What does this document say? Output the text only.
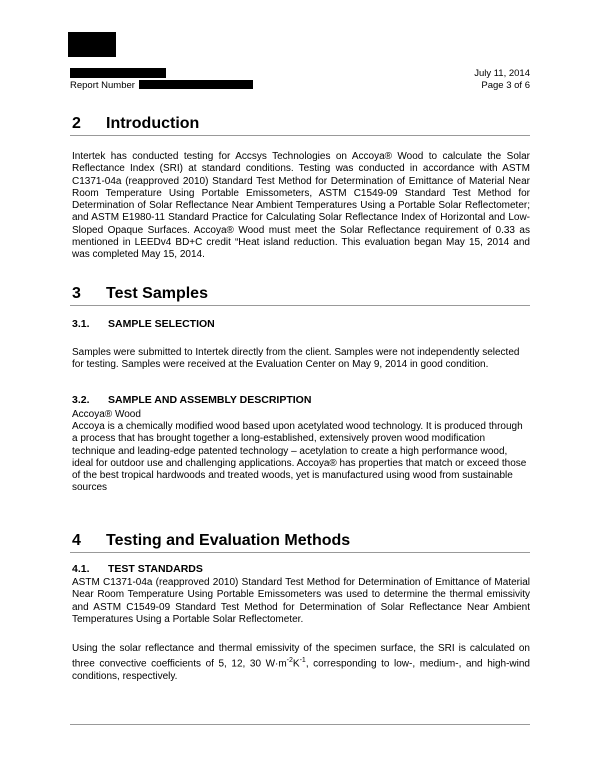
Report Number
July 11, 2014
Page 3 of 6
2 Introduction
Intertek has conducted testing for Accsys Technologies on Accoya® Wood to calculate the Solar Reflectance Index (SRI) at standard conditions. Testing was conducted in accordance with ASTM C1371-04a (reapproved 2010) Standard Test Method for Determination of Emittance of Material Near Room Temperature Using Portable Emissometers, ASTM C1549-09 Standard Test Method for Determination of Solar Reflectance Near Ambient Temperatures Using a Portable Solar Reflectometer; and ASTM E1980-11 Standard Practice for Calculating Solar Reflectance Index of Horizontal and Low-Sloped Opaque Surfaces. Accoya® Wood must meet the Solar Reflectance requirement of 0.33 as mentioned in LEEDv4 BD+C credit “Heat island reduction. This evaluation began May 15, 2014 and was completed May 15, 2014.
3 Test Samples
3.1. SAMPLE SELECTION
Samples were submitted to Intertek directly from the client. Samples were not independently selected for testing. Samples were received at the Evaluation Center on May 9, 2014 in good condition.
3.2. SAMPLE AND ASSEMBLY DESCRIPTION
Accoya® Wood
Accoya is a chemically modified wood based upon acetylated wood technology. It is produced through a process that has brought together a long-established, extensively proven wood modification technique and leading-edge patented technology – acetylation to create a high performance wood, ideal for outdoor use and challenging applications. Accoya® has properties that match or exceed those of the best tropical hardwoods and treated woods, yet is manufactured using wood from sustainable sources
4 Testing and Evaluation Methods
4.1. TEST STANDARDS
ASTM C1371-04a (reapproved 2010) Standard Test Method for Determination of Emittance of Material Near Room Temperature Using Portable Emissometers was used to determine the thermal emissivity and ASTM C1549-09 Standard Test Method for Determination of Solar Reflectance Near Ambient Temperatures Using a Portable Solar Reflectometer.
Using the solar reflectance and thermal emissivity of the specimen surface, the SRI is calculated on three convective coefficients of 5, 12, 30 $W\cdot m^{-2}K^{-1}$, corresponding to low-, medium-, and high-wind conditions, respectively.
